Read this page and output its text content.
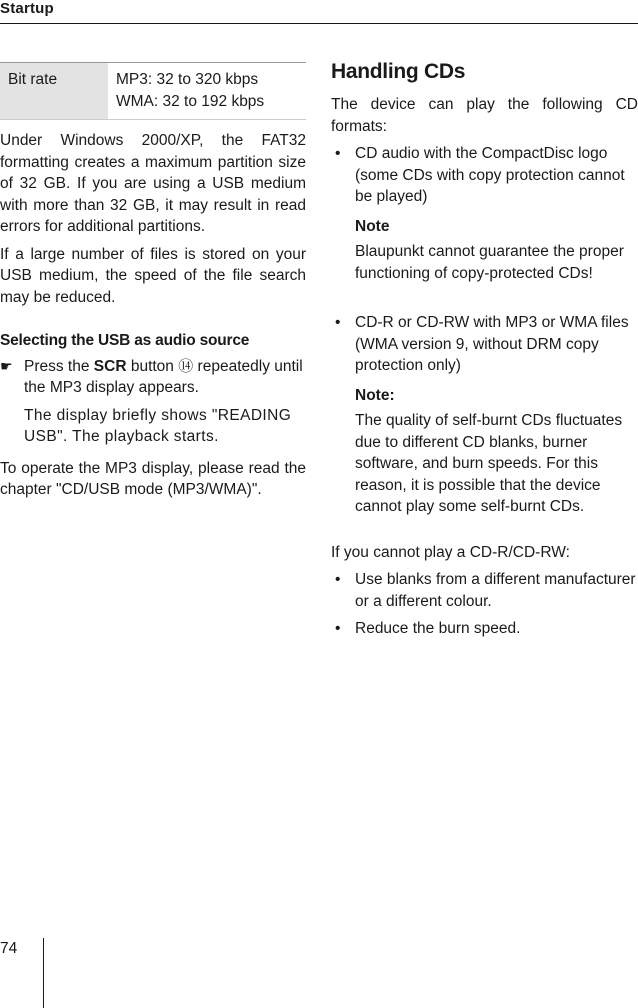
Startup
Bit rate	MP3: 32 to 320 kbps
WMA: 32 to 192 kbps

Under Windows 2000/XP, the FAT32 formatting creates a maximum partition size of 32 GB. If you are using a USB medium with more than 32 GB, it may result in read errors for additional partitions.

If a large number of files is stored on your USB medium, the speed of the file search may be reduced.

Selecting the USB as audio source
☛ Press the SCR button ⑭ repeatedly until the MP3 display appears.
The display briefly shows "READING USB". The playback starts.

To operate the MP3 display, please read the chapter "CD/USB mode (MP3/WMA)".

Handling CDs

The device can play the following CD formats:

• CD audio with the CompactDisc logo (some CDs with copy protection cannot be played)
Note
Blaupunkt cannot guarantee the proper functioning of copy-protected CDs!
• CD-R or CD-RW with MP3 or WMA files (WMA version 9, without DRM copy protection only)
Note:
The quality of self-burnt CDs fluctuates due to different CD blanks, burner software, and burn speeds. For this reason, it is possible that the device cannot play some self-burnt CDs.

If you cannot play a CD-R/CD-RW:

• Use blanks from a different manufacturer or a different colour.
• Reduce the burn speed.
74
